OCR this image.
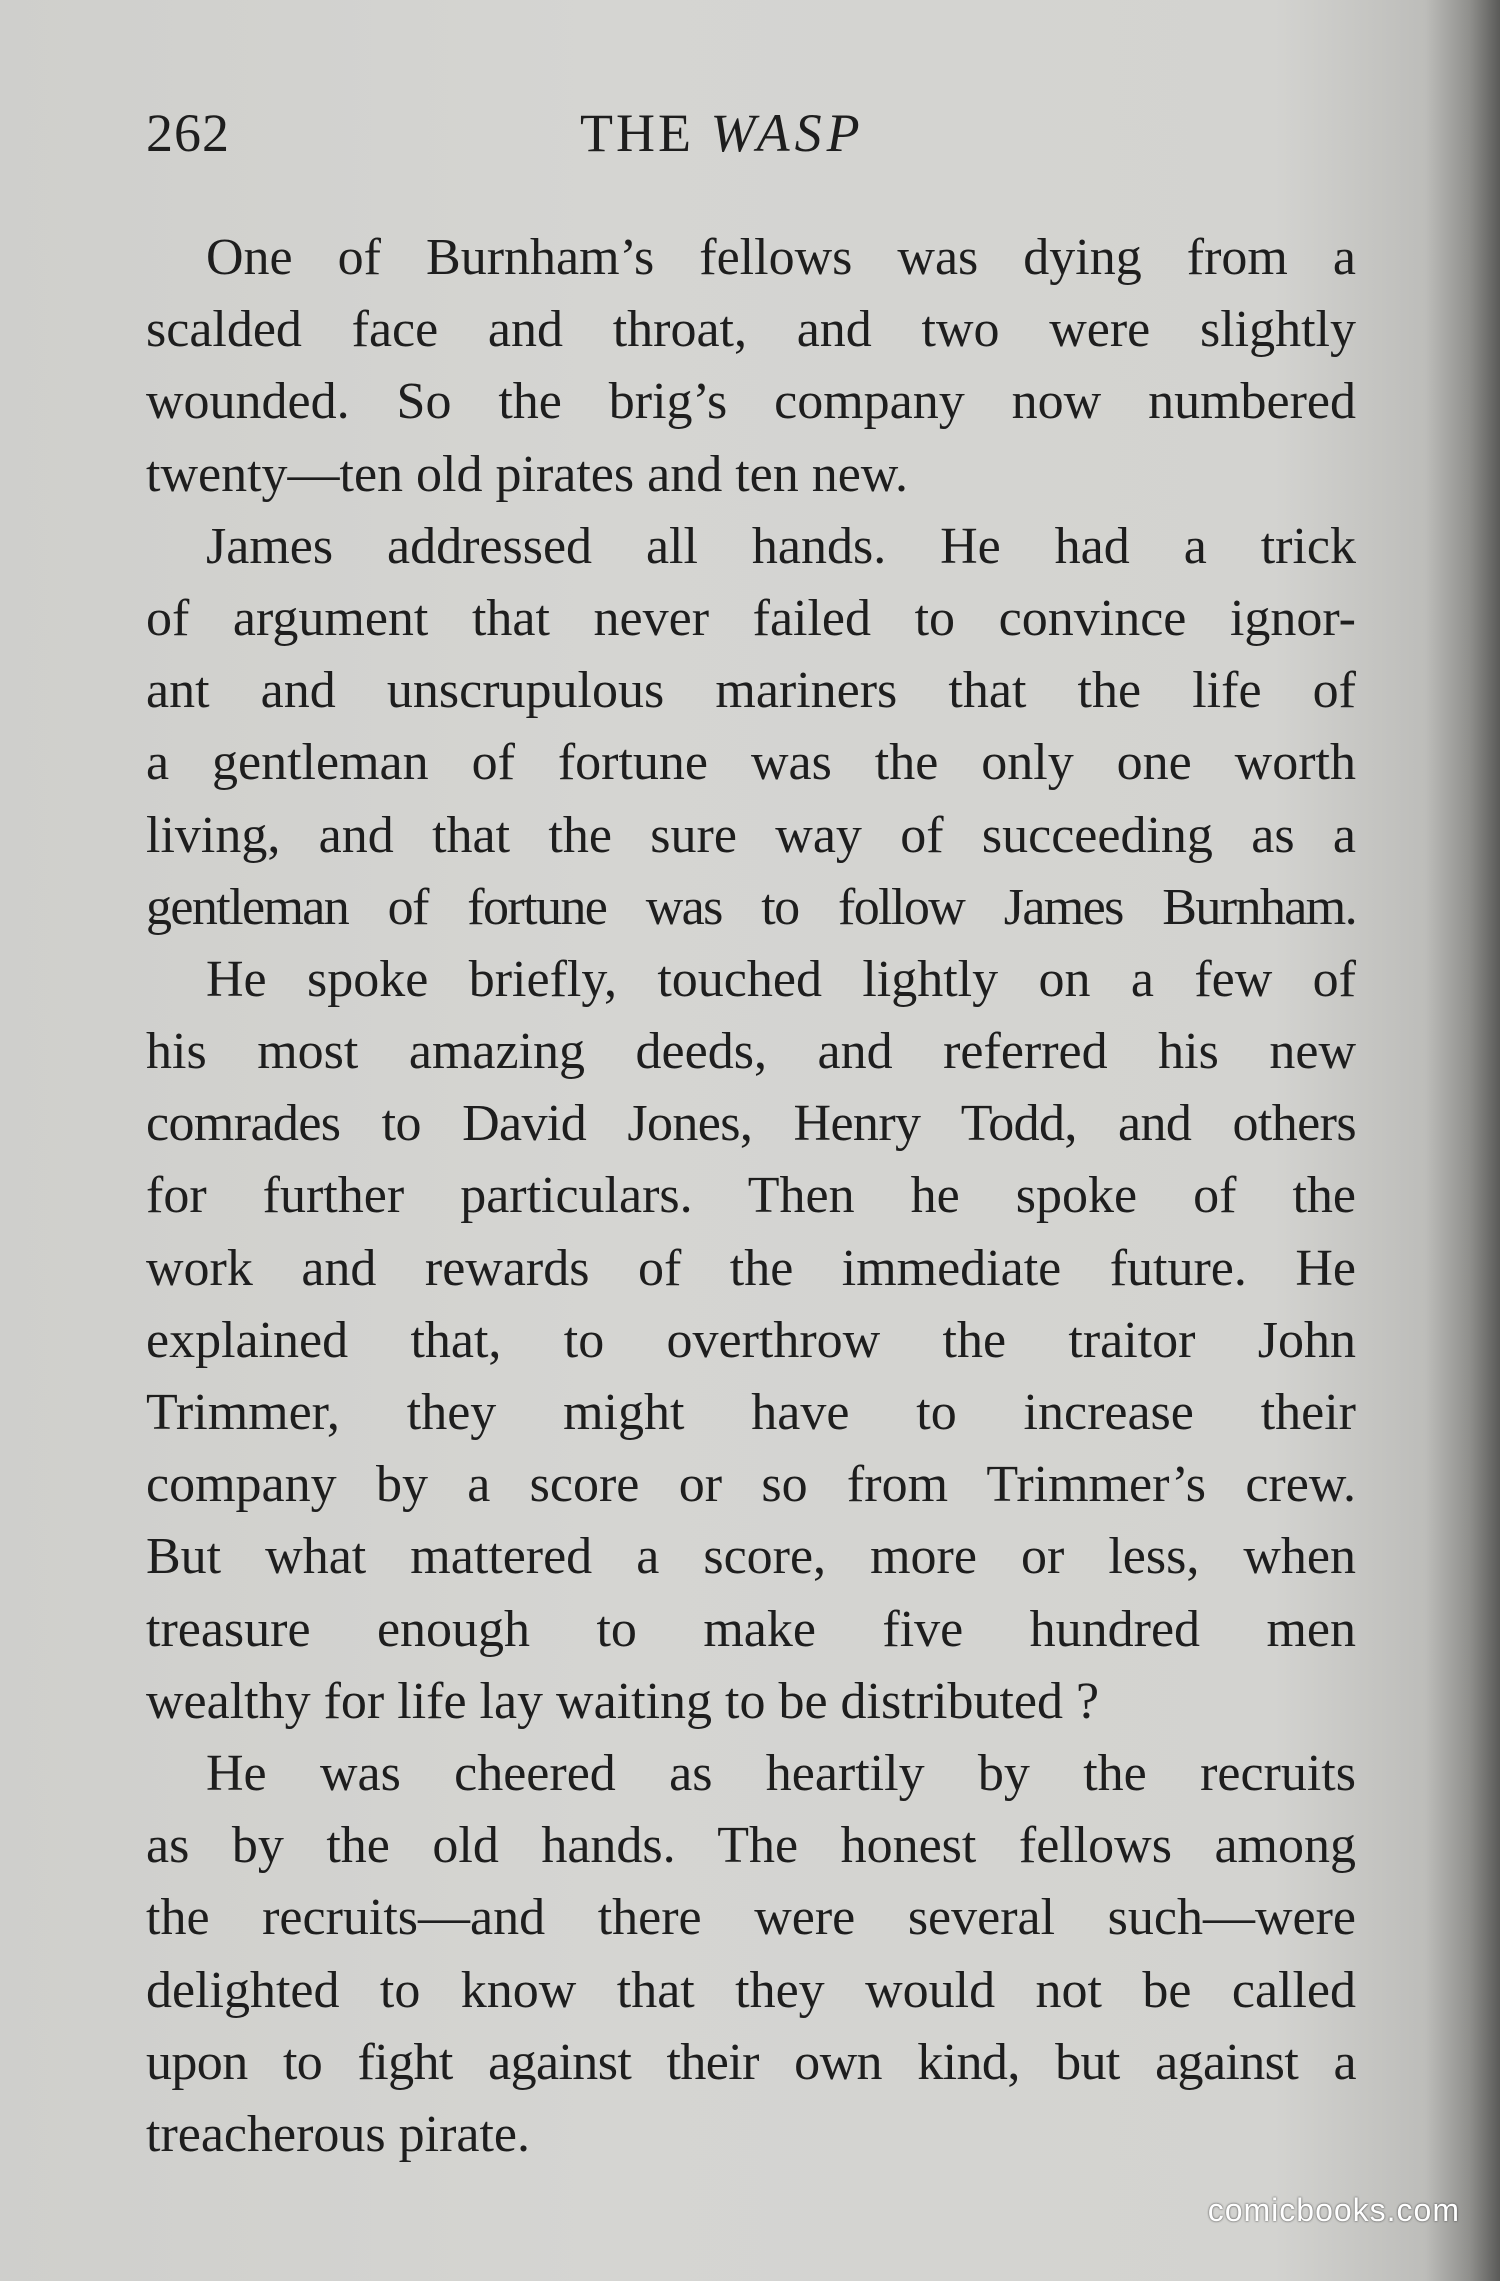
262	THE WASP
One of Burnham’s fellows was dying from a
scalded face and throat, and two were slightly
wounded. So the brig’s company now numbered
twenty—ten old pirates and ten new.
James addressed all hands. He had a trick
of argument that never failed to convince ignor-
ant and unscrupulous mariners that the life of
a gentleman of fortune was the only one worth
living, and that the sure way of succeeding as a
gentleman of fortune was to follow James Burnham.
He spoke briefly, touched lightly on a few of
his most amazing deeds, and referred his new
comrades to David Jones, Henry Todd, and others
for further particulars. Then he spoke of the
work and rewards of the immediate future. He
explained that, to overthrow the traitor John
Trimmer, they might have to increase their
company by a score or so from Trimmer’s crew.
But what mattered a score, more or less, when
treasure enough to make five hundred men
wealthy for life lay waiting to be distributed ?
He was cheered as heartily by the recruits
as by the old hands. The honest fellows among
the recruits—and there were several such—were
delighted to know that they would not be called
upon to fight against their own kind, but against a
treacherous pirate.
comicbooks.com
